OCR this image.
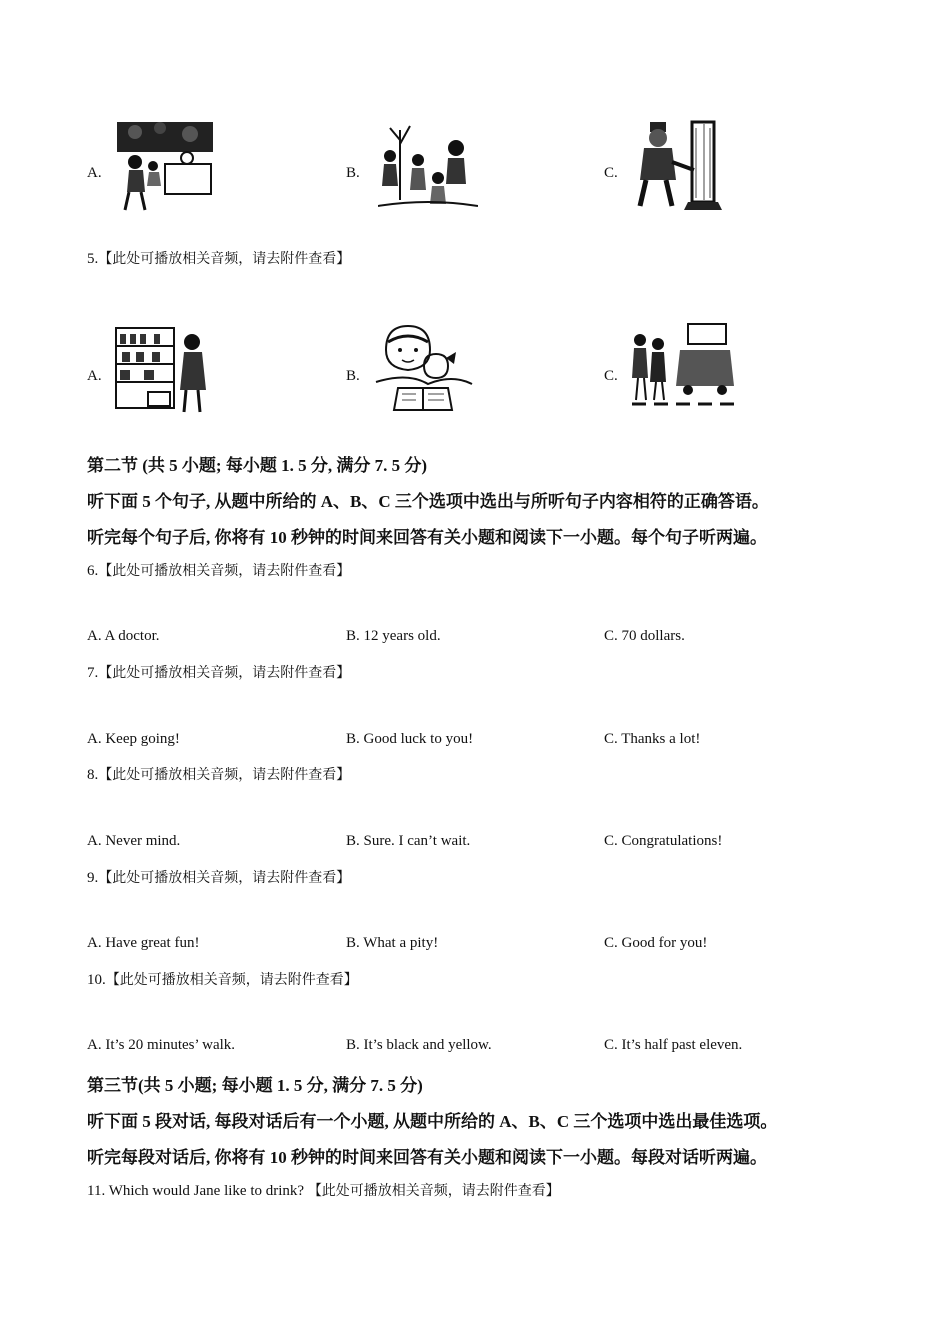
A.	B.	C.
5.【此处可播放相关音频，请去附件查看】
A.	B.	C.
第二节 (共 5 小题; 每小题 1. 5 分, 满分 7. 5 分)
听下面 5 个句子, 从题中所给的 A、B、C 三个选项中选出与所听句子内容相符的正确答语。
听完每个句子后, 你将有 10 秒钟的时间来回答有关小题和阅读下一小题。每个句子听两遍。
6.【此处可播放相关音频，请去附件查看】
A. A doctor.	B. 12 years old.	C. 70 dollars.
7.【此处可播放相关音频，请去附件查看】
A. Keep going!	B. Good luck to you!	C. Thanks a lot!
8.【此处可播放相关音频，请去附件查看】
A. Never mind.	B. Sure. I can’t wait.	C. Congratulations!
9.【此处可播放相关音频，请去附件查看】
A. Have great fun!	B. What a pity!	C. Good for you!
10.【此处可播放相关音频，请去附件查看】
A. It’s 20 minutes’ walk.	B. It’s black and yellow.	C. It’s half past eleven.
第三节(共 5 小题; 每小题 1. 5 分, 满分 7. 5 分)
听下面 5 段对话, 每段对话后有一个小题, 从题中所给的 A、B、C 三个选项中选出最佳选项。
听完每段对话后, 你将有 10 秒钟的时间来回答有关小题和阅读下一小题。每段对话听两遍。
11. Which would Jane like to drink? 【此处可播放相关音频，请去附件查看】
